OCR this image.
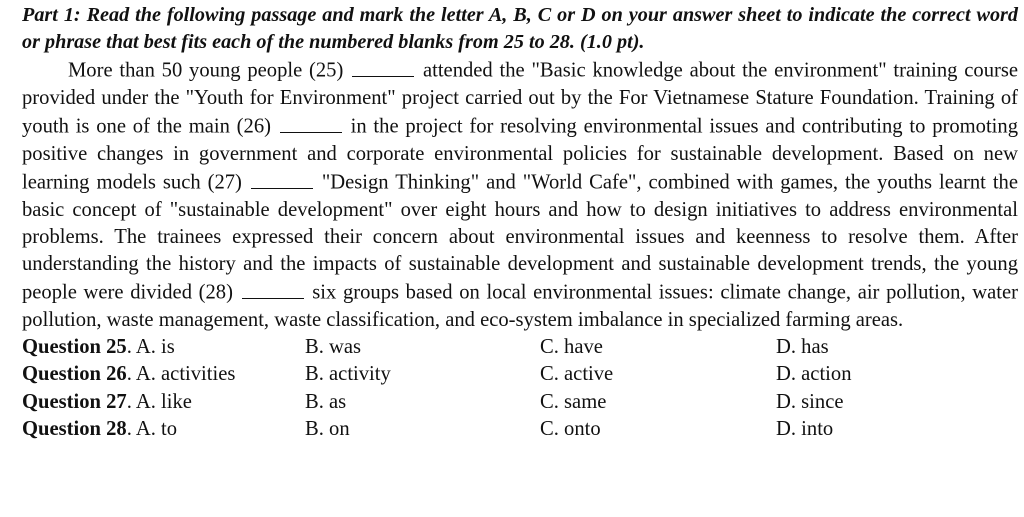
Part 1: Read the following passage and mark the letter A, B, C or D on your answer sheet to indicate the correct word or phrase that best fits each of the numbered blanks from 25 to 28. (1.0 pt).

More than 50 young people (25)	attended the "Basic knowledge about the environment" training course provided under the "Youth for Environment" project carried out by the For Vietnamese Stature Foundation. Training of youth is one of the main (26)	in the project for resolving environmental issues and contributing to promoting positive changes in government and corporate environmental policies for sustainable development. Based on new learning models such (27)	"Design Thinking" and "World Cafe", combined with games, the youths learnt the basic concept of "sustainable development" over eight hours and how to design initiatives to address environmental problems. The trainees expressed their concern about environmental issues and keenness to resolve them. After understanding the history and the impacts of sustainable development and sustainable development trends, the young people were divided (28)	six groups based on local environmental issues: climate change, air pollution, water pollution, waste management, waste classification, and eco-system imbalance in specialized farming areas.

Question 25. A. is	B. was	C. have	D. has
Question 26. A. activities	B. activity	C. active	D. action
Question 27. A. like	B. as	C. same	D. since
Question 28. A. to	B. on	C. onto	D. into
